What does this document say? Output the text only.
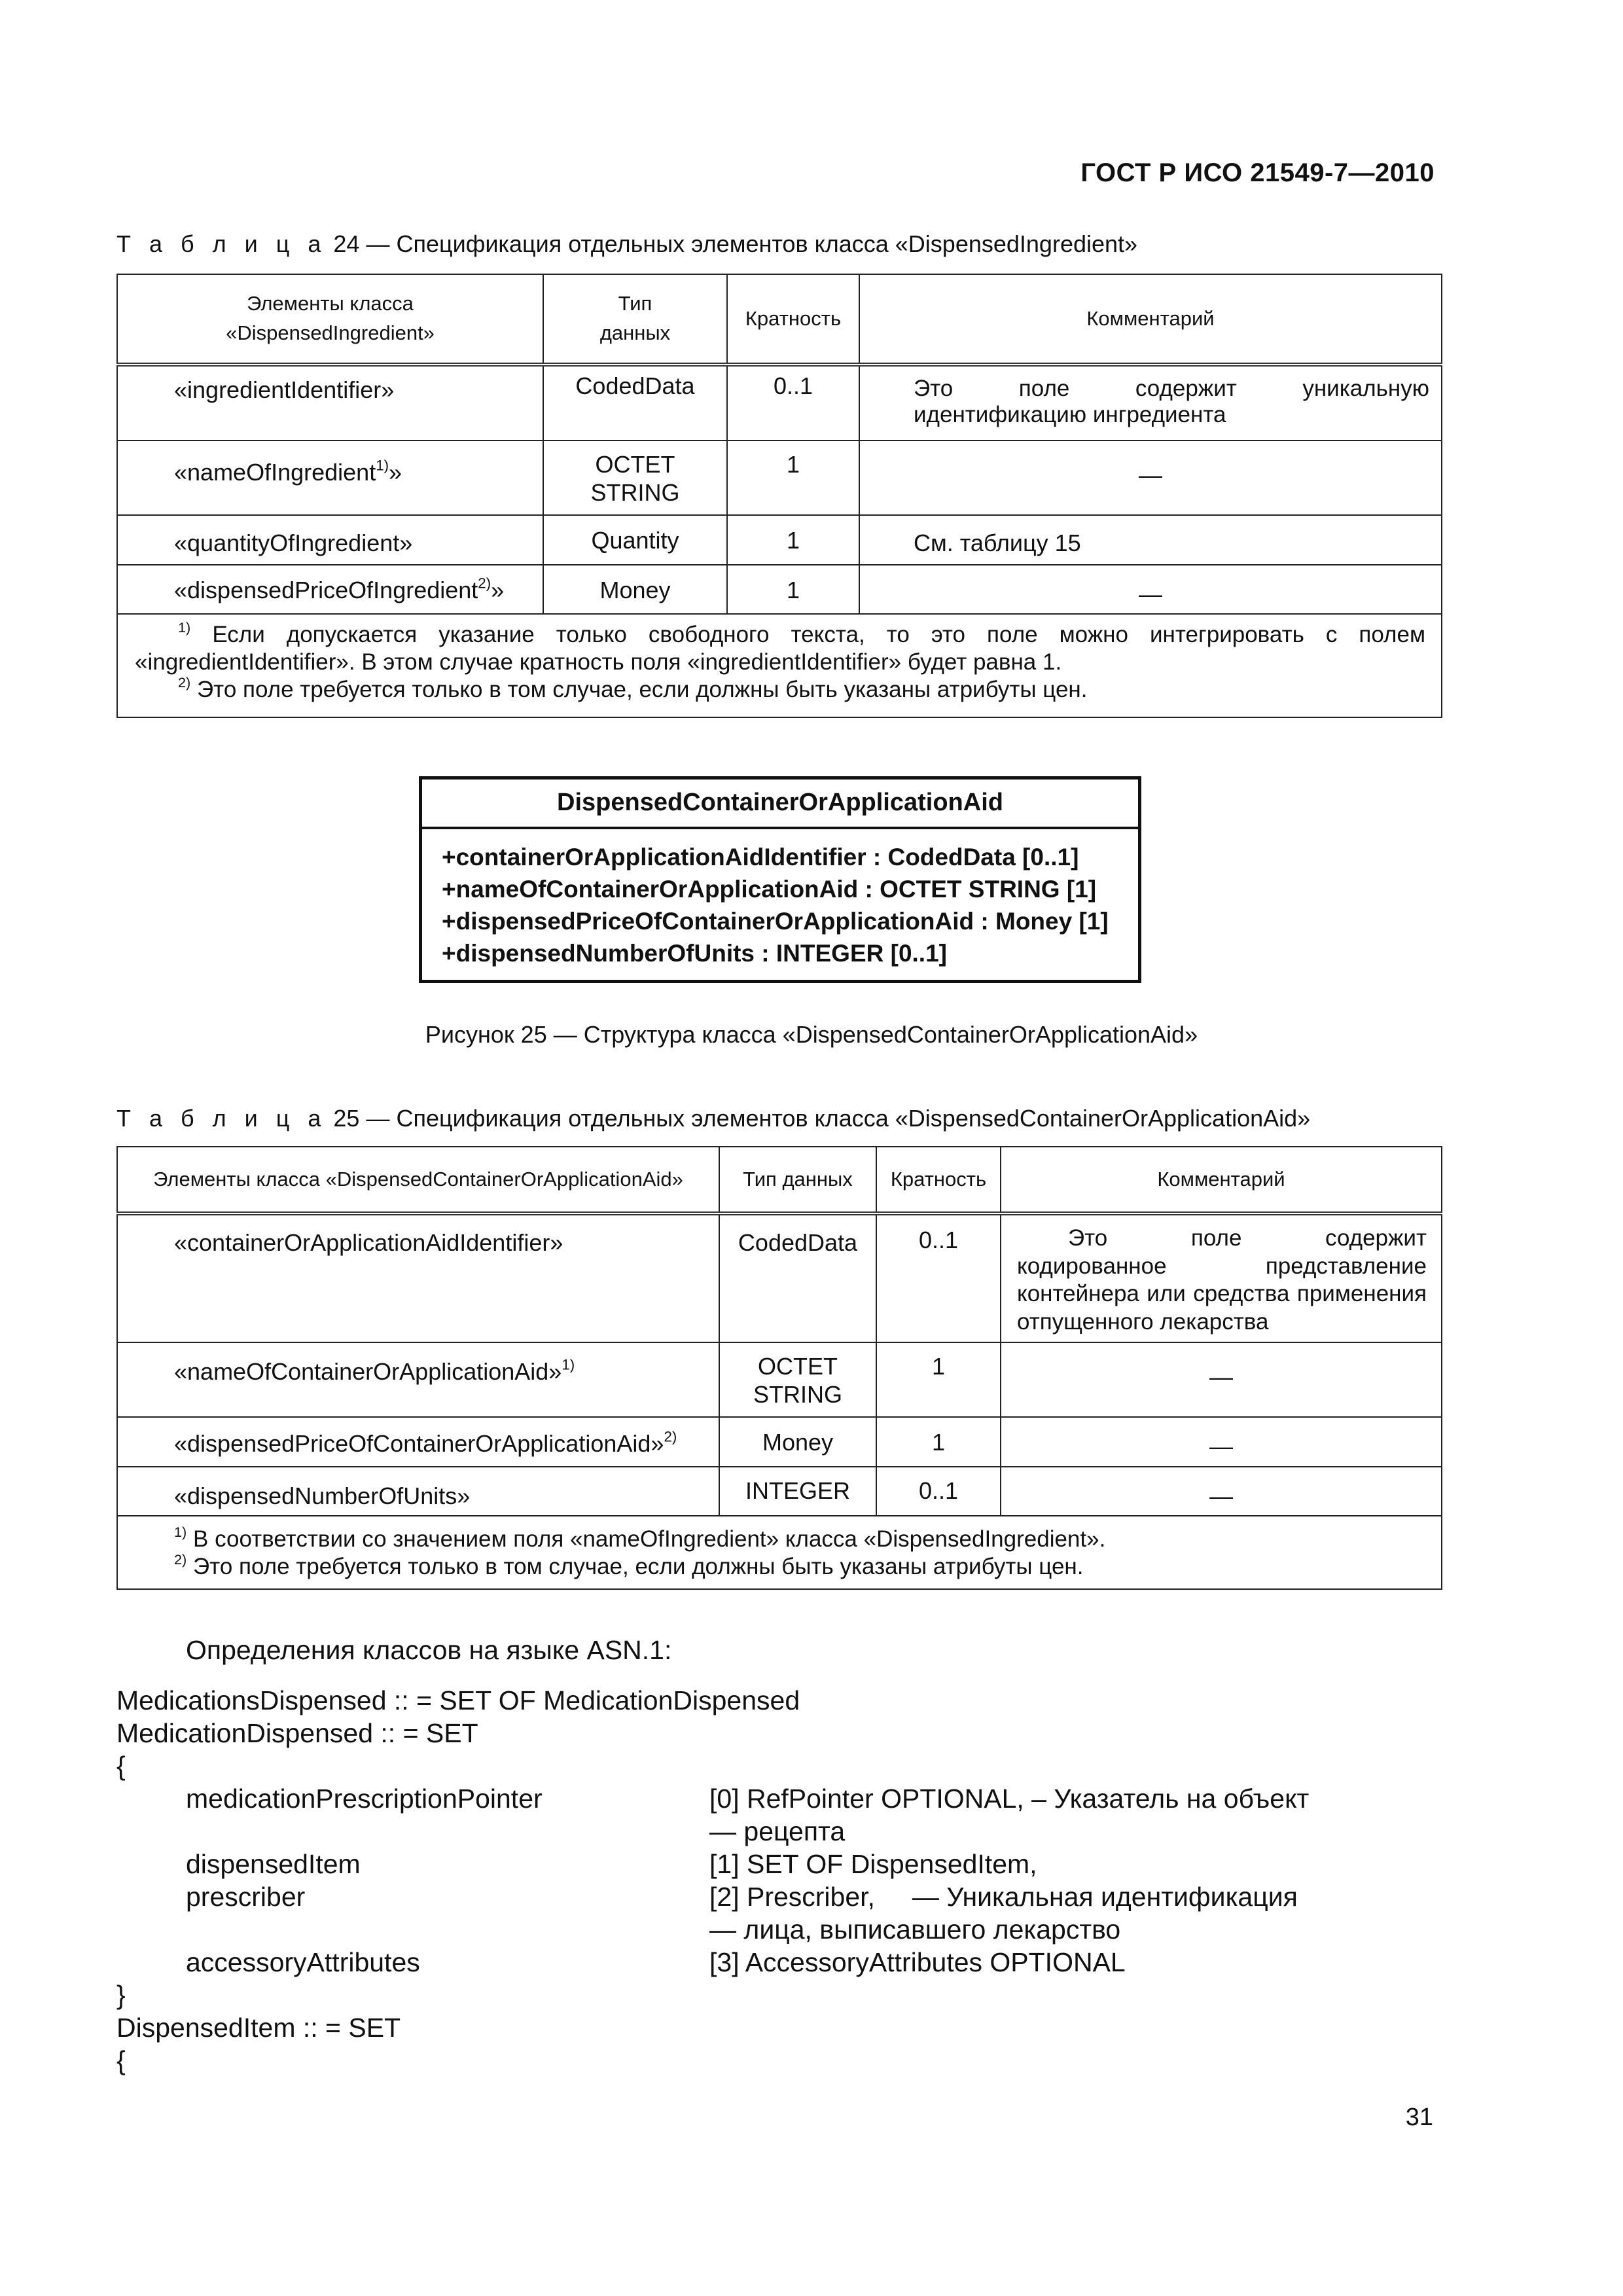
ГОСТ Р ИСО 21549-7—2010
Т а б л и ц а 24 — Спецификация отдельных элементов класса «DispensedIngredient»
Элементы класса «DispensedIngredient»	Тип данных	Кратность	Комментарий
«ingredientIdentifier»	CodedData	0..1	Это поле содержит уникальную идентификацию ингредиента
«nameOfIngredient$^{1)}$»	OCTET STRING	1	—
«quantityOfIngredient»	Quantity	1	См. таблицу 15
«dispensedPriceOfIngredient$^{2)}$»	Money	1	—

$^{1)}$ Если допускается указание только свободного текста, то это поле можно интегрировать с полем «ingredientIdentifier». В этом случае кратность поля «ingredientIdentifier» будет равна 1.
$^{2)}$ Это поле требуется только в том случае, если должны быть указаны атрибуты цен.			
DispensedContainerOrApplicationAid
+containerOrApplicationAidIdentifier : CodedData [0..1]
+nameOfContainerOrApplicationAid : OCTET STRING [1]
+dispensedPriceOfContainerOrApplicationAid : Money [1]
+dispensedNumberOfUnits : INTEGER [0..1]
Рисунок 25 — Структура класса «DispensedContainerOrApplicationAid»
Т а б л и ц а 25 — Спецификация отдельных элементов класса «DispensedContainerOrApplicationAid»
Элементы класса «DispensedContainerOrApplicationAid»	Тип данных	Кратность	Комментарий
«containerOrApplicationAidIdentifier»	CodedData	0..1	Это поле содержит кодированное представление контейнера или средства применения отпущенного лекарства
«nameOfContainerOrApplicationAid»$^{1)}$	OCTET STRING	1	—
«dispensedPriceOfContainerOrApplicationAid»$^{2)}$	Money	1	—
«dispensedNumberOfUnits»	INTEGER	0..1	—

$^{1)}$ В соответствии со значением поля «nameOfIngredient» класса «DispensedIngredient».
$^{2)}$ Это поле требуется только в том случае, если должны быть указаны атрибуты цен.			
Определения классов на языке ASN.1:
MedicationsDispensed :: = SET OF MedicationDispensed
MedicationDispensed :: = SET
{
medicationPrescriptionPointer	[0] RefPointer OPTIONAL, – Указатель на объект
— рецепта
dispensedItem	[1] SET OF DispensedItem,
prescriber	[2] Prescriber,     — Уникальная идентификация
— лица, выписавшего лекарство
accessoryAttributes	[3] AccessoryAttributes OPTIONAL
}
DispensedItem :: = SET
{
31
